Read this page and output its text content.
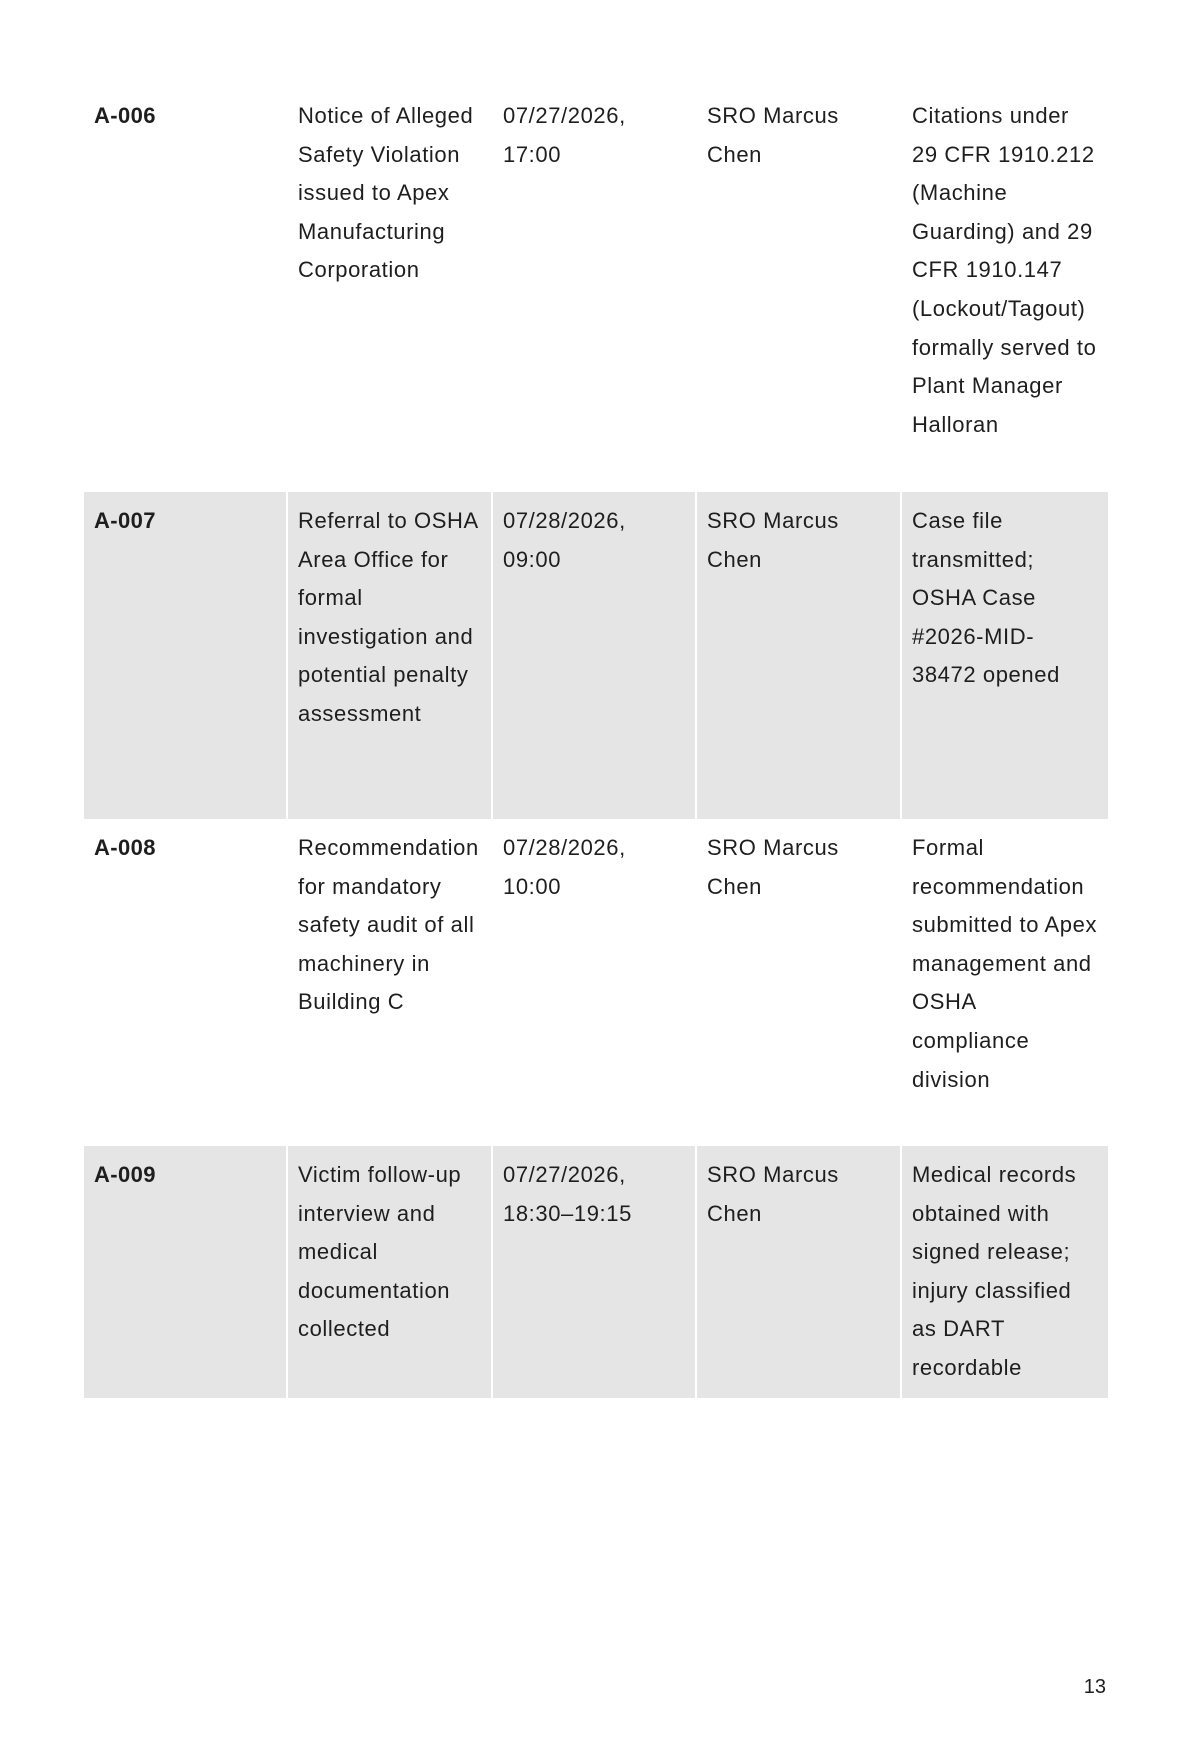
A-006	Notice of Alleged Safety Violation issued to Apex Manufacturing Corporation	07/27/2026, 17:00	SRO Marcus Chen	Citations under 29 CFR 1910.212 (Machine Guarding) and 29 CFR 1910.147 (Lockout/Tagout) formally served to Plant Manager Halloran
A-007	Referral to OSHA Area Office for formal investigation and potential penalty assessment	07/28/2026, 09:00	SRO Marcus Chen	Case file transmitted; OSHA Case #2026-MID-38472 opened
A-008	Recommendation for mandatory safety audit of all machinery in Building C	07/28/2026, 10:00	SRO Marcus Chen	Formal recommendation submitted to Apex management and OSHA compliance division
A-009	Victim follow-up interview and medical documentation collected	07/27/2026, 18:30–19:15	SRO Marcus Chen	Medical records obtained with signed release; injury classified as DART recordable
13
